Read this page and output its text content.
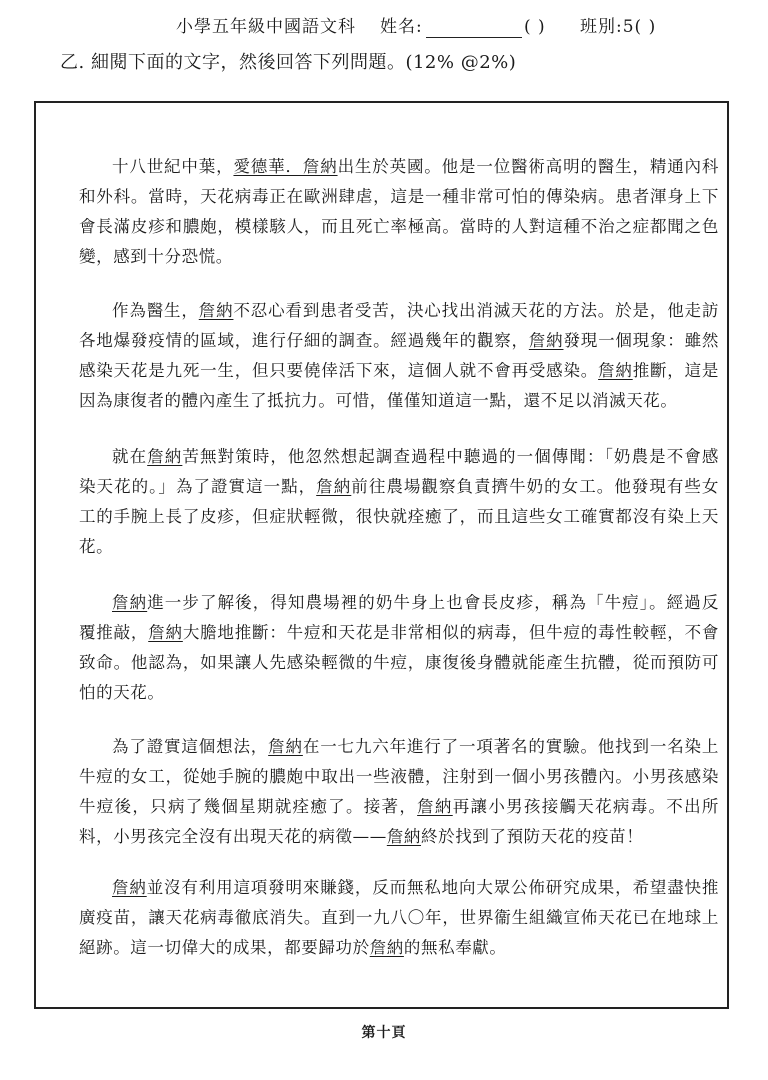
小學五年級中國語文科 姓名:	( ) 班別:5( )
乙. 細閱下面的文字，然後回答下列問題。(12% @2%)

十八世紀中葉，愛德華．詹納出生於英國。他是一位醫術高明的醫生，精通內科和外科。當時，天花病毒正在歐洲肆虐，這是一種非常可怕的傳染病。患者渾身上下會長滿皮疹和膿皰，模樣駭人，而且死亡率極高。當時的人對這種不治之症都聞之色變，感到十分恐慌。

作為醫生，詹納不忍心看到患者受苦，決心找出消滅天花的方法。於是，他走訪各地爆發疫情的區域，進行仔細的調查。經過幾年的觀察，詹納發現一個現象：雖然感染天花是九死一生，但只要僥倖活下來，這個人就不會再受感染。詹納推斷，這是因為康復者的體內產生了抵抗力。可惜，僅僅知道這一點，還不足以消滅天花。

就在詹納苦無對策時，他忽然想起調查過程中聽過的一個傳聞：「奶農是不會感染天花的。」為了證實這一點，詹納前往農場觀察負責擠牛奶的女工。他發現有些女工的手腕上長了皮疹，但症狀輕微，很快就痊癒了，而且這些女工確實都沒有染上天花。

詹納進一步了解後，得知農場裡的奶牛身上也會長皮疹，稱為「牛痘」。經過反覆推敲，詹納大膽地推斷：牛痘和天花是非常相似的病毒，但牛痘的毒性較輕，不會致命。他認為，如果讓人先感染輕微的牛痘，康復後身體就能產生抗體，從而預防可怕的天花。

為了證實這個想法，詹納在一七九六年進行了一項著名的實驗。他找到一名染上牛痘的女工，從她手腕的膿皰中取出一些液體，注射到一個小男孩體內。小男孩感染牛痘後，只病了幾個星期就痊癒了。接著，詹納再讓小男孩接觸天花病毒。不出所料，小男孩完全沒有出現天花的病徵——詹納終於找到了預防天花的疫苗！

詹納並沒有利用這項發明來賺錢，反而無私地向大眾公佈研究成果，希望盡快推廣疫苗，讓天花病毒徹底消失。直到一九八〇年，世界衞生組織宣佈天花已在地球上絕跡。這一切偉大的成果，都要歸功於詹納的無私奉獻。

第十頁
